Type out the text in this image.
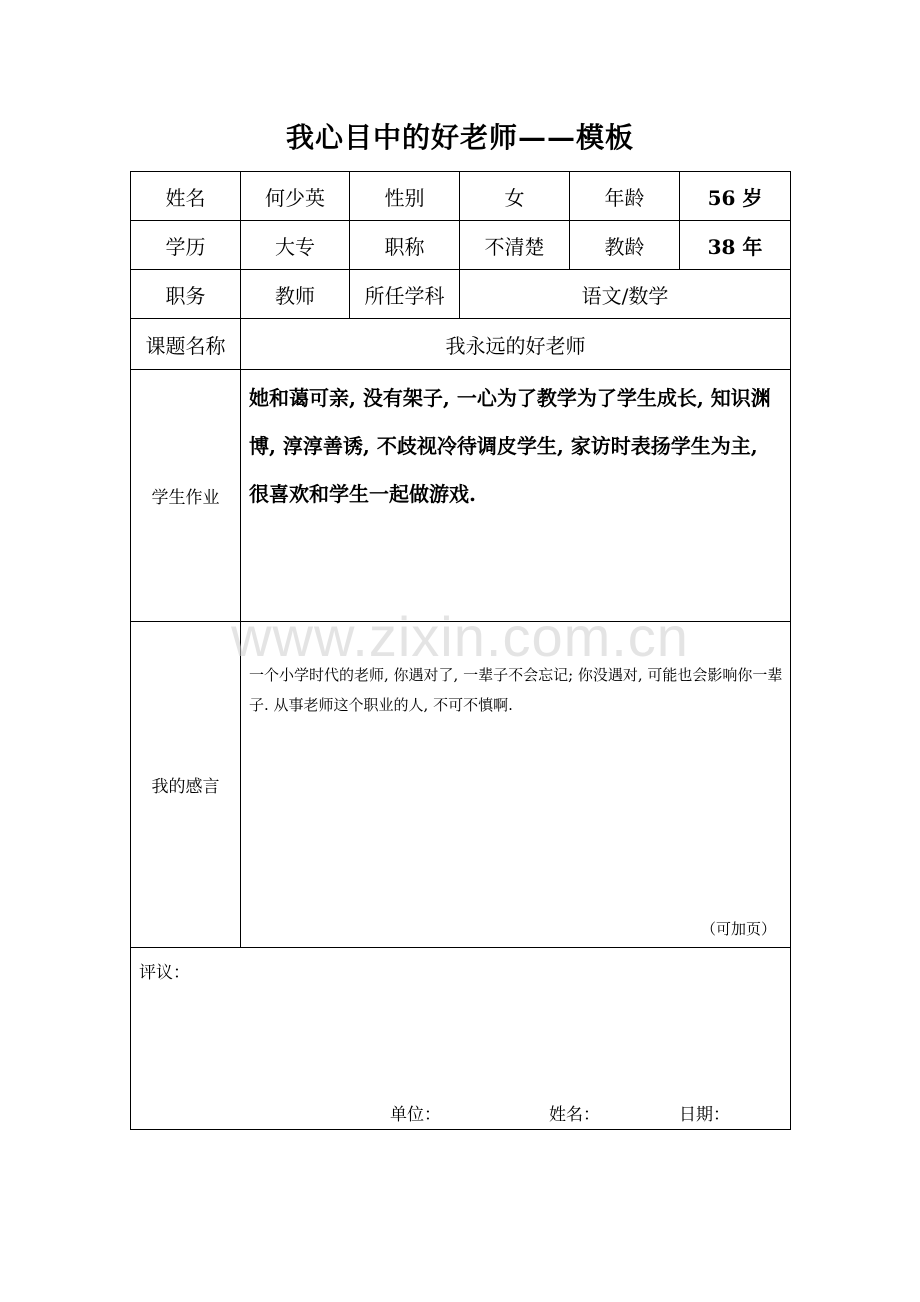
我心目中的好老师——模板
姓名	何少英	性别	女	年龄	56 岁
学历	大专	职称	不清楚	教龄	38 年
职务	教师	所任学科	语文/数学		
课题名称	我永远的好老师				
学生作业	她和蔼可亲, 没有架子, 一心为了教学为了学生成长, 知识渊博, 淳淳善诱, 不歧视冷待调皮学生, 家访时表扬学生为主, 很喜欢和学生一起做游戏.				
我的感言	一个小学时代的老师, 你遇对了, 一辈子不会忘记; 你没遇对, 可能也会影响你一辈子. 从事老师这个职业的人, 不可不慎啊.
（可加页）				

评议：
单位： 姓名： 日期：					
www.zixin.com.cn
